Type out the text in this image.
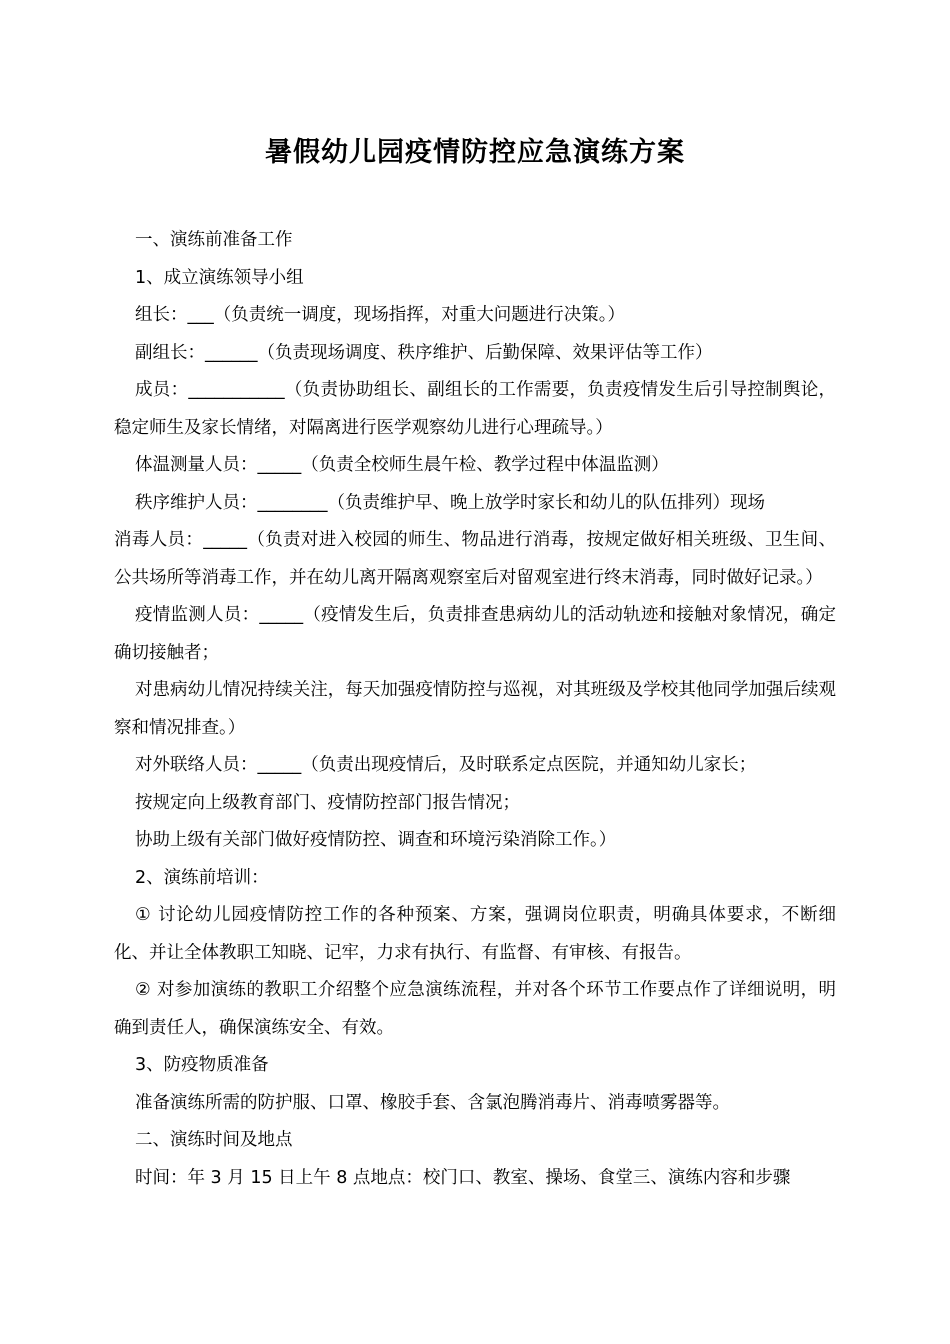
暑假幼儿园疫情防控应急演练方案

一、演练前准备工作

1、成立演练领导小组

组长：___（负责统一调度，现场指挥，对重大问题进行决策。）

副组长：______（负责现场调度、秩序维护、后勤保障、效果评估等工作）

成员：___________（负责协助组长、副组长的工作需要，负责疫情发生后引导控制舆论，稳定师生及家长情绪，对隔离进行医学观察幼儿进行心理疏导。）

体温测量人员：_____（负责全校师生晨午检、教学过程中体温监测）

秩序维护人员：________（负责维护早、晚上放学时家长和幼儿的队伍排列）现场

消毒人员：_____（负责对进入校园的师生、物品进行消毒，按规定做好相关班级、卫生间、公共场所等消毒工作，并在幼儿离开隔离观察室后对留观室进行终末消毒，同时做好记录。）

疫情监测人员：_____（疫情发生后，负责排查患病幼儿的活动轨迹和接触对象情况，确定确切接触者；

对患病幼儿情况持续关注，每天加强疫情防控与巡视，对其班级及学校其他同学加强后续观察和情况排查。）

对外联络人员：_____（负责出现疫情后，及时联系定点医院，并通知幼儿家长；

按规定向上级教育部门、疫情防控部门报告情况；

协助上级有关部门做好疫情防控、调查和环境污染消除工作。）

2、演练前培训：

① 讨论幼儿园疫情防控工作的各种预案、方案，强调岗位职责，明确具体要求，不断细化、并让全体教职工知晓、记牢，力求有执行、有监督、有审核、有报告。

② 对参加演练的教职工介绍整个应急演练流程，并对各个环节工作要点作了详细说明，明确到责任人，确保演练安全、有效。

3、防疫物质准备

准备演练所需的防护服、口罩、橡胶手套、含氯泡腾消毒片、消毒喷雾器等。

二、演练时间及地点

时间：年 3 月 15 日上午 8 点地点：校门口、教室、操场、食堂三、演练内容和步骤
